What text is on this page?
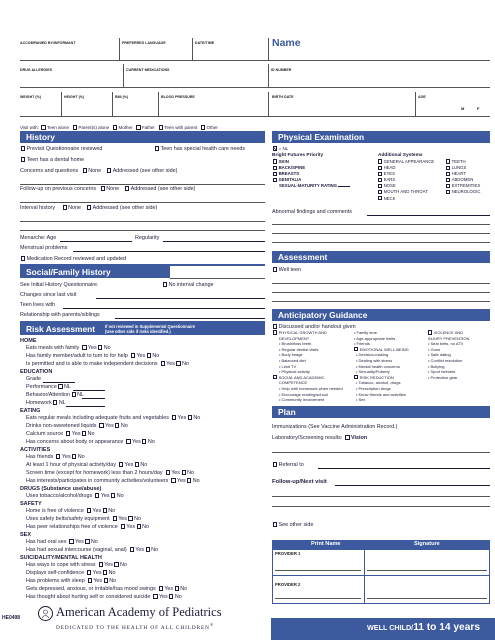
ACCOMPANIED BY/INFORMANT	PREFERRED LANGUAGE	DATE/TIME	Name
DRUG ALLERGIES	CURRENT MEDICATIONS	ID NUMBER
WEIGHT (%)	HEIGHT (%)	BMI (%)	BLOOD PRESSURE	BIRTH DATE	AGE
M	F
Visit with: Teen alone Parent(s) alone Mother Father Teen with parent Other
History
Previsit Questionnaire reviewed	Teen has special health care needs
Teen has a dental home
Concerns and questions None Addressed (see other side)
Follow-up on previous concerns None Addressed (see other side)
Interval history None Addressed (see other side)
Menarche: Age	Regularity
Menstrual problems
Medication Record reviewed and updated
Social/Family History
See Initial History Questionnaire.	No interval change
Changes since last visit
Teen lives with
Relationship with parents/siblings
Risk Assessment	If not reviewed in Supplemental Questionnaire
(Use other side if risks identified.)
HOME
Eats meals with family Yes No
Has family member/adult to turn to for help Yes No
Is permitted and is able to make independent decisions Yes No
EDUCATION
Grade
Performance NL
Behavior/Attention NL
Homework NL
EATING
Eats regular meals including adequate fruits and vegetables Yes No
Drinks non-sweetened liquids Yes No
Calcium source Yes No
Has concerns about body or appearance Yes No
ACTIVITIES
Has friends Yes No
At least 1 hour of physical activity/day Yes No
Screen time (except for homework) less than 2 hours/day Yes No
Has interests/participates in community activities/volunteers Yes No
DRUGS (Substance use/abuse)
Uses tobacco/alcohol/drugs Yes No
SAFETY
Home is free of violence Yes No
Uses safety belts/safety equipment Yes No
Has peer relationships free of violence Yes No
SEX
Has had oral sex Yes No
Has had sexual intercourse (vaginal, anal) Yes No
SUICIDALITY/MENTAL HEALTH
Has ways to cope with stress Yes No
Displays self-confidence Yes No
Has problems with sleep Yes No
Gets depressed, anxious, or irritable/has mood swings Yes No
Has thought about hurting self or considered suicide Yes No
Physical Examination
= NL
Bright Futures Priority	Additional Systems
SKIN
BACK/SPINE
BREASTS
GENITALIA
SEXUAL-MATURITY RATING
GENERAL APPEARANCE
HEAD
EYES
EARS
NOSE
MOUTH AND THROAT
NECK
TEETH
LUNGS
HEART
ABDOMEN
EXTREMITIES
NEUROLOGIC
Abnormal findings and comments
Assessment
Well teen
Anticipatory Guidance
Discussed and/or handout given
PHYSICAL GROWTH AND
DEVELOPMENT
• Brush/floss teeth
• Regular dentist visits
• Body image
• Balanced diet
• Limit TV
• Physical activity
SOCIAL AND ACADEMIC
COMPETENCE
• Help with homework when needed
• Encourage reading/school
• Community involvement
• Family time
• Age-appropriate limits
• Friends
EMOTIONAL WELL-BEING
• Decision-making
• Dealing with stress
• Mental health concerns
• Sexuality/Puberty
RISK REDUCTION
• Tobacco, alcohol, drugs
• Prescription drugs
• Know friends and activities
• Sex
VIOLENCE AND
INJURY PREVENTION
• Seat belts, no ATV
• Guns
• Safe dating
• Conflict resolution
• Bullying
• Sport helmets
• Protective gear
Plan
Immunizations (See Vaccine Administration Record.)
Laboratory/Screening results: Vision
Referral to
Follow-up/Next visit
See other side
Print Name	Signature
PROVIDER 1
PROVIDER 2
HE0498	American Academy of Pediatrics
DEDICATED TO THE HEALTH OF ALL CHILDREN®	WELL CHILD/11 to 14 years
